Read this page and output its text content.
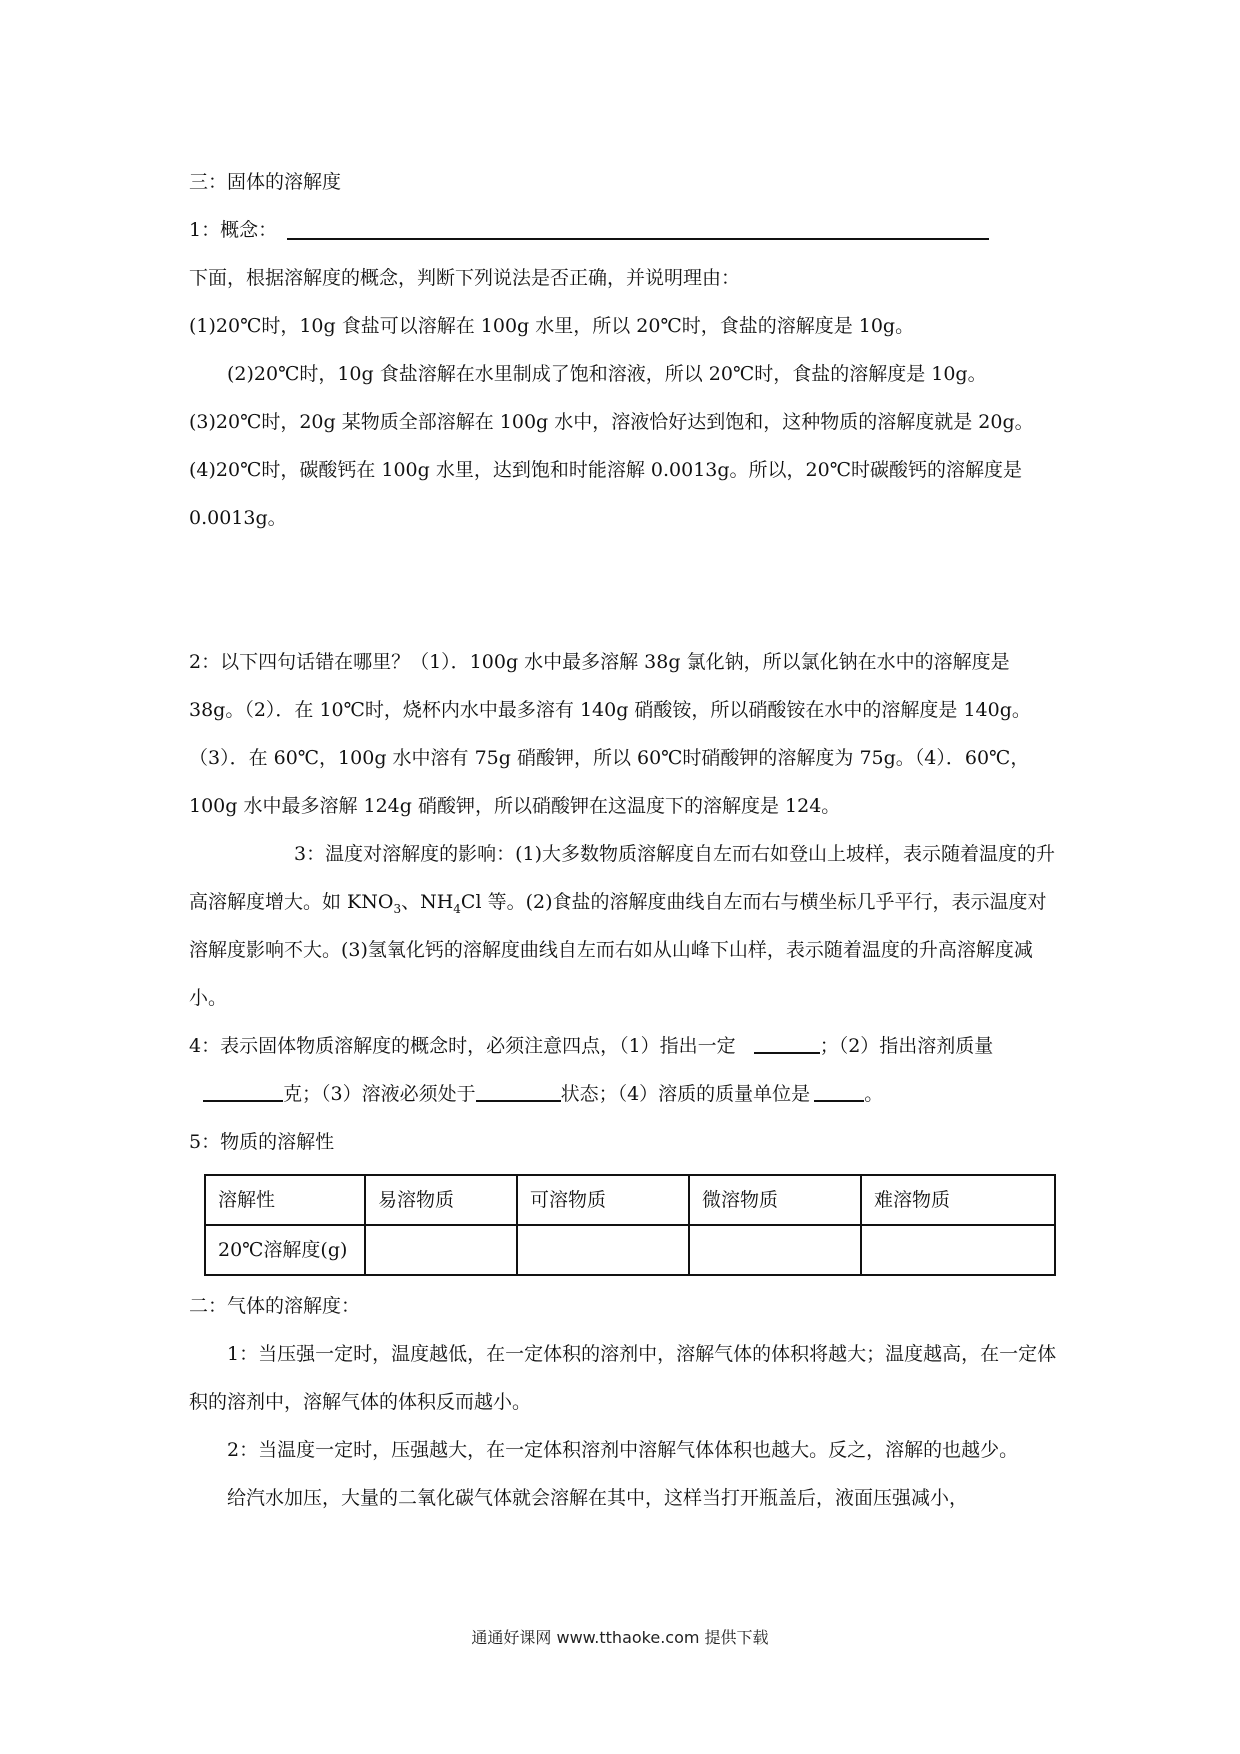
三：固体的溶解度

1：概念：

下面，根据溶解度的概念，判断下列说法是否正确，并说明理由：

(1)20℃时，10g 食盐可以溶解在 100g 水里，所以 20℃时，食盐的溶解度是 10g。

(2)20℃时，10g 食盐溶解在水里制成了饱和溶液，所以 20℃时，食盐的溶解度是 10g。

(3)20℃时，20g 某物质全部溶解在 100g 水中，溶液恰好达到饱和，这种物质的溶解度就是 20g。(4)20℃时，碳酸钙在 100g 水里，达到饱和时能溶解 0.0013g。所以，20℃时碳酸钙的溶解度是 0.0013g。

2：以下四句话错在哪里？（1）．100g 水中最多溶解 38g 氯化钠，所以氯化钠在水中的溶解度是 38g。（2）．在 10℃时，烧杯内水中最多溶有 140g 硝酸铵，所以硝酸铵在水中的溶解度是 140g。（3）．在 60℃，100g 水中溶有 75g 硝酸钾，所以 60℃时硝酸钾的溶解度为 75g。（4）．60℃，100g 水中最多溶解 124g 硝酸钾，所以硝酸钾在这温度下的溶解度是 124。

3：温度对溶解度的影响：(1)大多数物质溶解度自左而右如登山上坡样，表示随着温度的升高溶解度增大。如 $KNO_3$、$NH_4Cl$ 等。(2)食盐的溶解度曲线自左而右与横坐标几乎平行，表示温度对溶解度影响不大。(3)氢氧化钙的溶解度曲线自左而右如从山峰下山样，表示随着温度的升高溶解度减小。

4：表示固体物质溶解度的概念时，必须注意四点，（1）指出一定	；（2）指出溶剂质量克；（3）溶液必须处于	状态；（4）溶质的质量单位是	。

5：物质的溶解性

溶解性	易溶物质	可溶物质	微溶物质	难溶物质
20℃溶解度(g)				

二：气体的溶解度：

1：当压强一定时，温度越低，在一定体积的溶剂中，溶解气体的体积将越大；温度越高，在一定体积的溶剂中，溶解气体的体积反而越小。

2：当温度一定时，压强越大，在一定体积溶剂中溶解气体体积也越大。反之，溶解的也越少。

给汽水加压，大量的二氧化碳气体就会溶解在其中，这样当打开瓶盖后，液面压强减小，

通通好课网 www.tthaoke.com 提供下载
